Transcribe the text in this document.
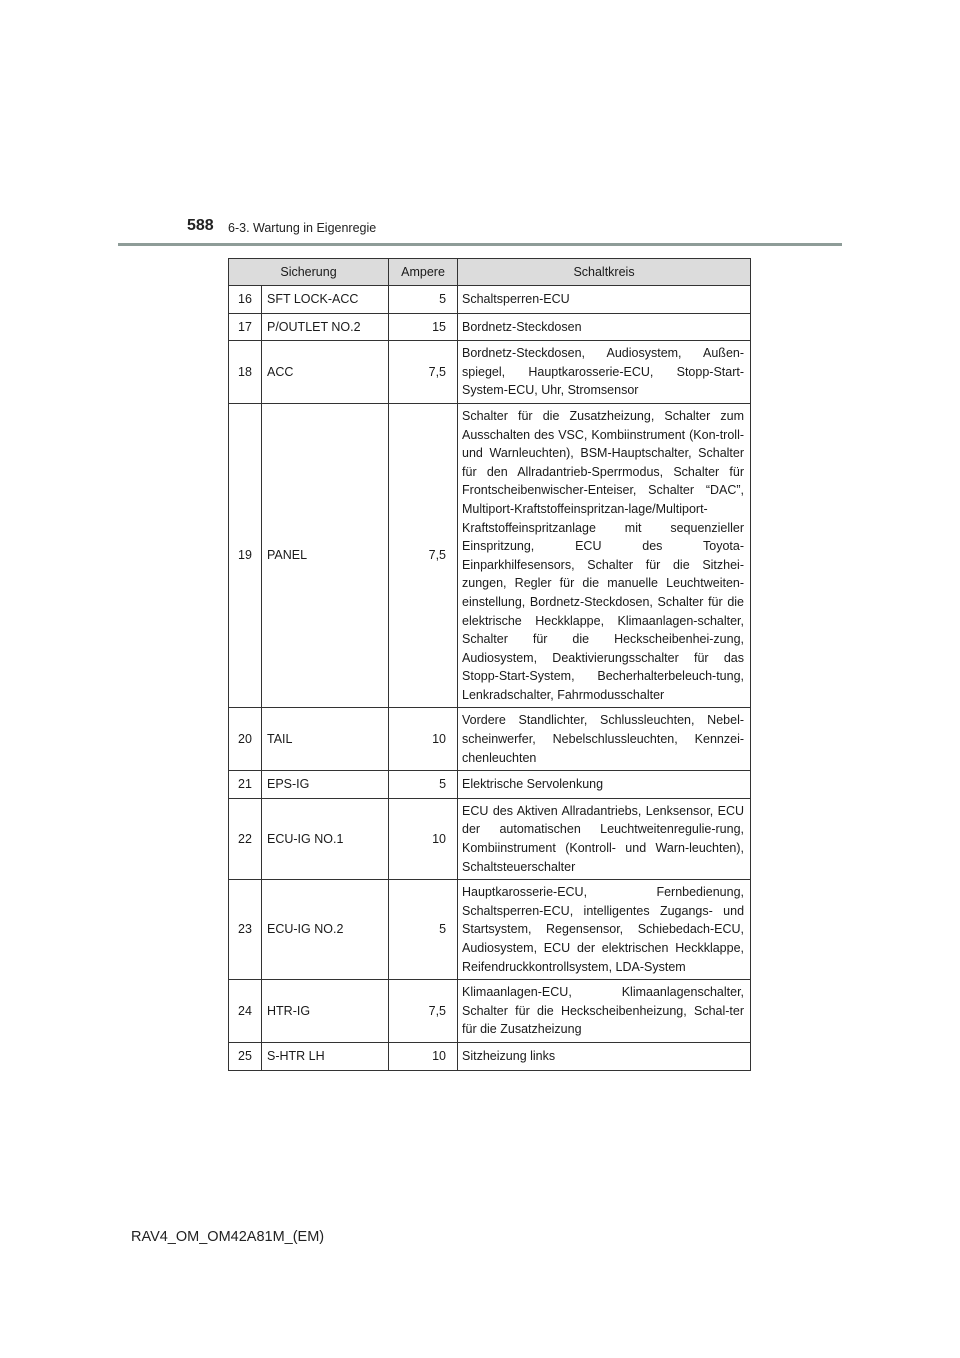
588 6-3. Wartung in Eigenregie
Sicherung		Ampere	Schaltkreis
16	SFT LOCK-ACC	5	Schaltsperren-ECU
17	P/OUTLET NO.2	15	Bordnetz-Steckdosen
18	ACC	7,5	Bordnetz-Steckdosen, Audiosystem, Außen-spiegel, Hauptkarosserie-ECU, Stopp-Start-System-ECU, Uhr, Stromsensor
19	PANEL	7,5	Schalter für die Zusatzheizung, Schalter zum Ausschalten des VSC, Kombiinstrument (Kon-troll- und Warnleuchten), BSM-Hauptschalter, Schalter für den Allradantrieb-Sperrmodus, Schalter für Frontscheibenwischer-Enteiser, Schalter “DAC”, Multiport-Kraftstoffeinspritzan-lage/Multiport-Kraftstoffeinspritzanlage mit sequenzieller Einspritzung, ECU des Toyota-Einparkhilfesensors, Schalter für die Sitzhei-zungen, Regler für die manuelle Leuchtweiten-einstellung, Bordnetz-Steckdosen, Schalter für die elektrische Heckklappe, Klimaanlagen-schalter, Schalter für die Heckscheibenhei-zung, Audiosystem, Deaktivierungsschalter für das Stopp-Start-System, Becherhalterbeleuch-tung, Lenkradschalter, Fahrmodusschalter
20	TAIL	10	Vordere Standlichter, Schlussleuchten, Nebel-scheinwerfer, Nebelschlussleuchten, Kennzei-chenleuchten
21	EPS-IG	5	Elektrische Servolenkung
22	ECU-IG NO.1	10	ECU des Aktiven Allradantriebs, Lenksensor, ECU der automatischen Leuchtweitenregulie-rung, Kombiinstrument (Kontroll- und Warn-leuchten), Schaltsteuerschalter
23	ECU-IG NO.2	5	Hauptkarosserie-ECU, Fernbedienung, Schaltsperren-ECU, intelligentes Zugangs- und Startsystem, Regensensor, Schiebedach-ECU, Audiosystem, ECU der elektrischen Heckklappe, Reifendruckkontrollsystem, LDA-System
24	HTR-IG	7,5	Klimaanlagen-ECU, Klimaanlagenschalter, Schalter für die Heckscheibenheizung, Schal-ter für die Zusatzheizung
25	S-HTR LH	10	Sitzheizung links
RAV4_OM_OM42A81M_(EM)
